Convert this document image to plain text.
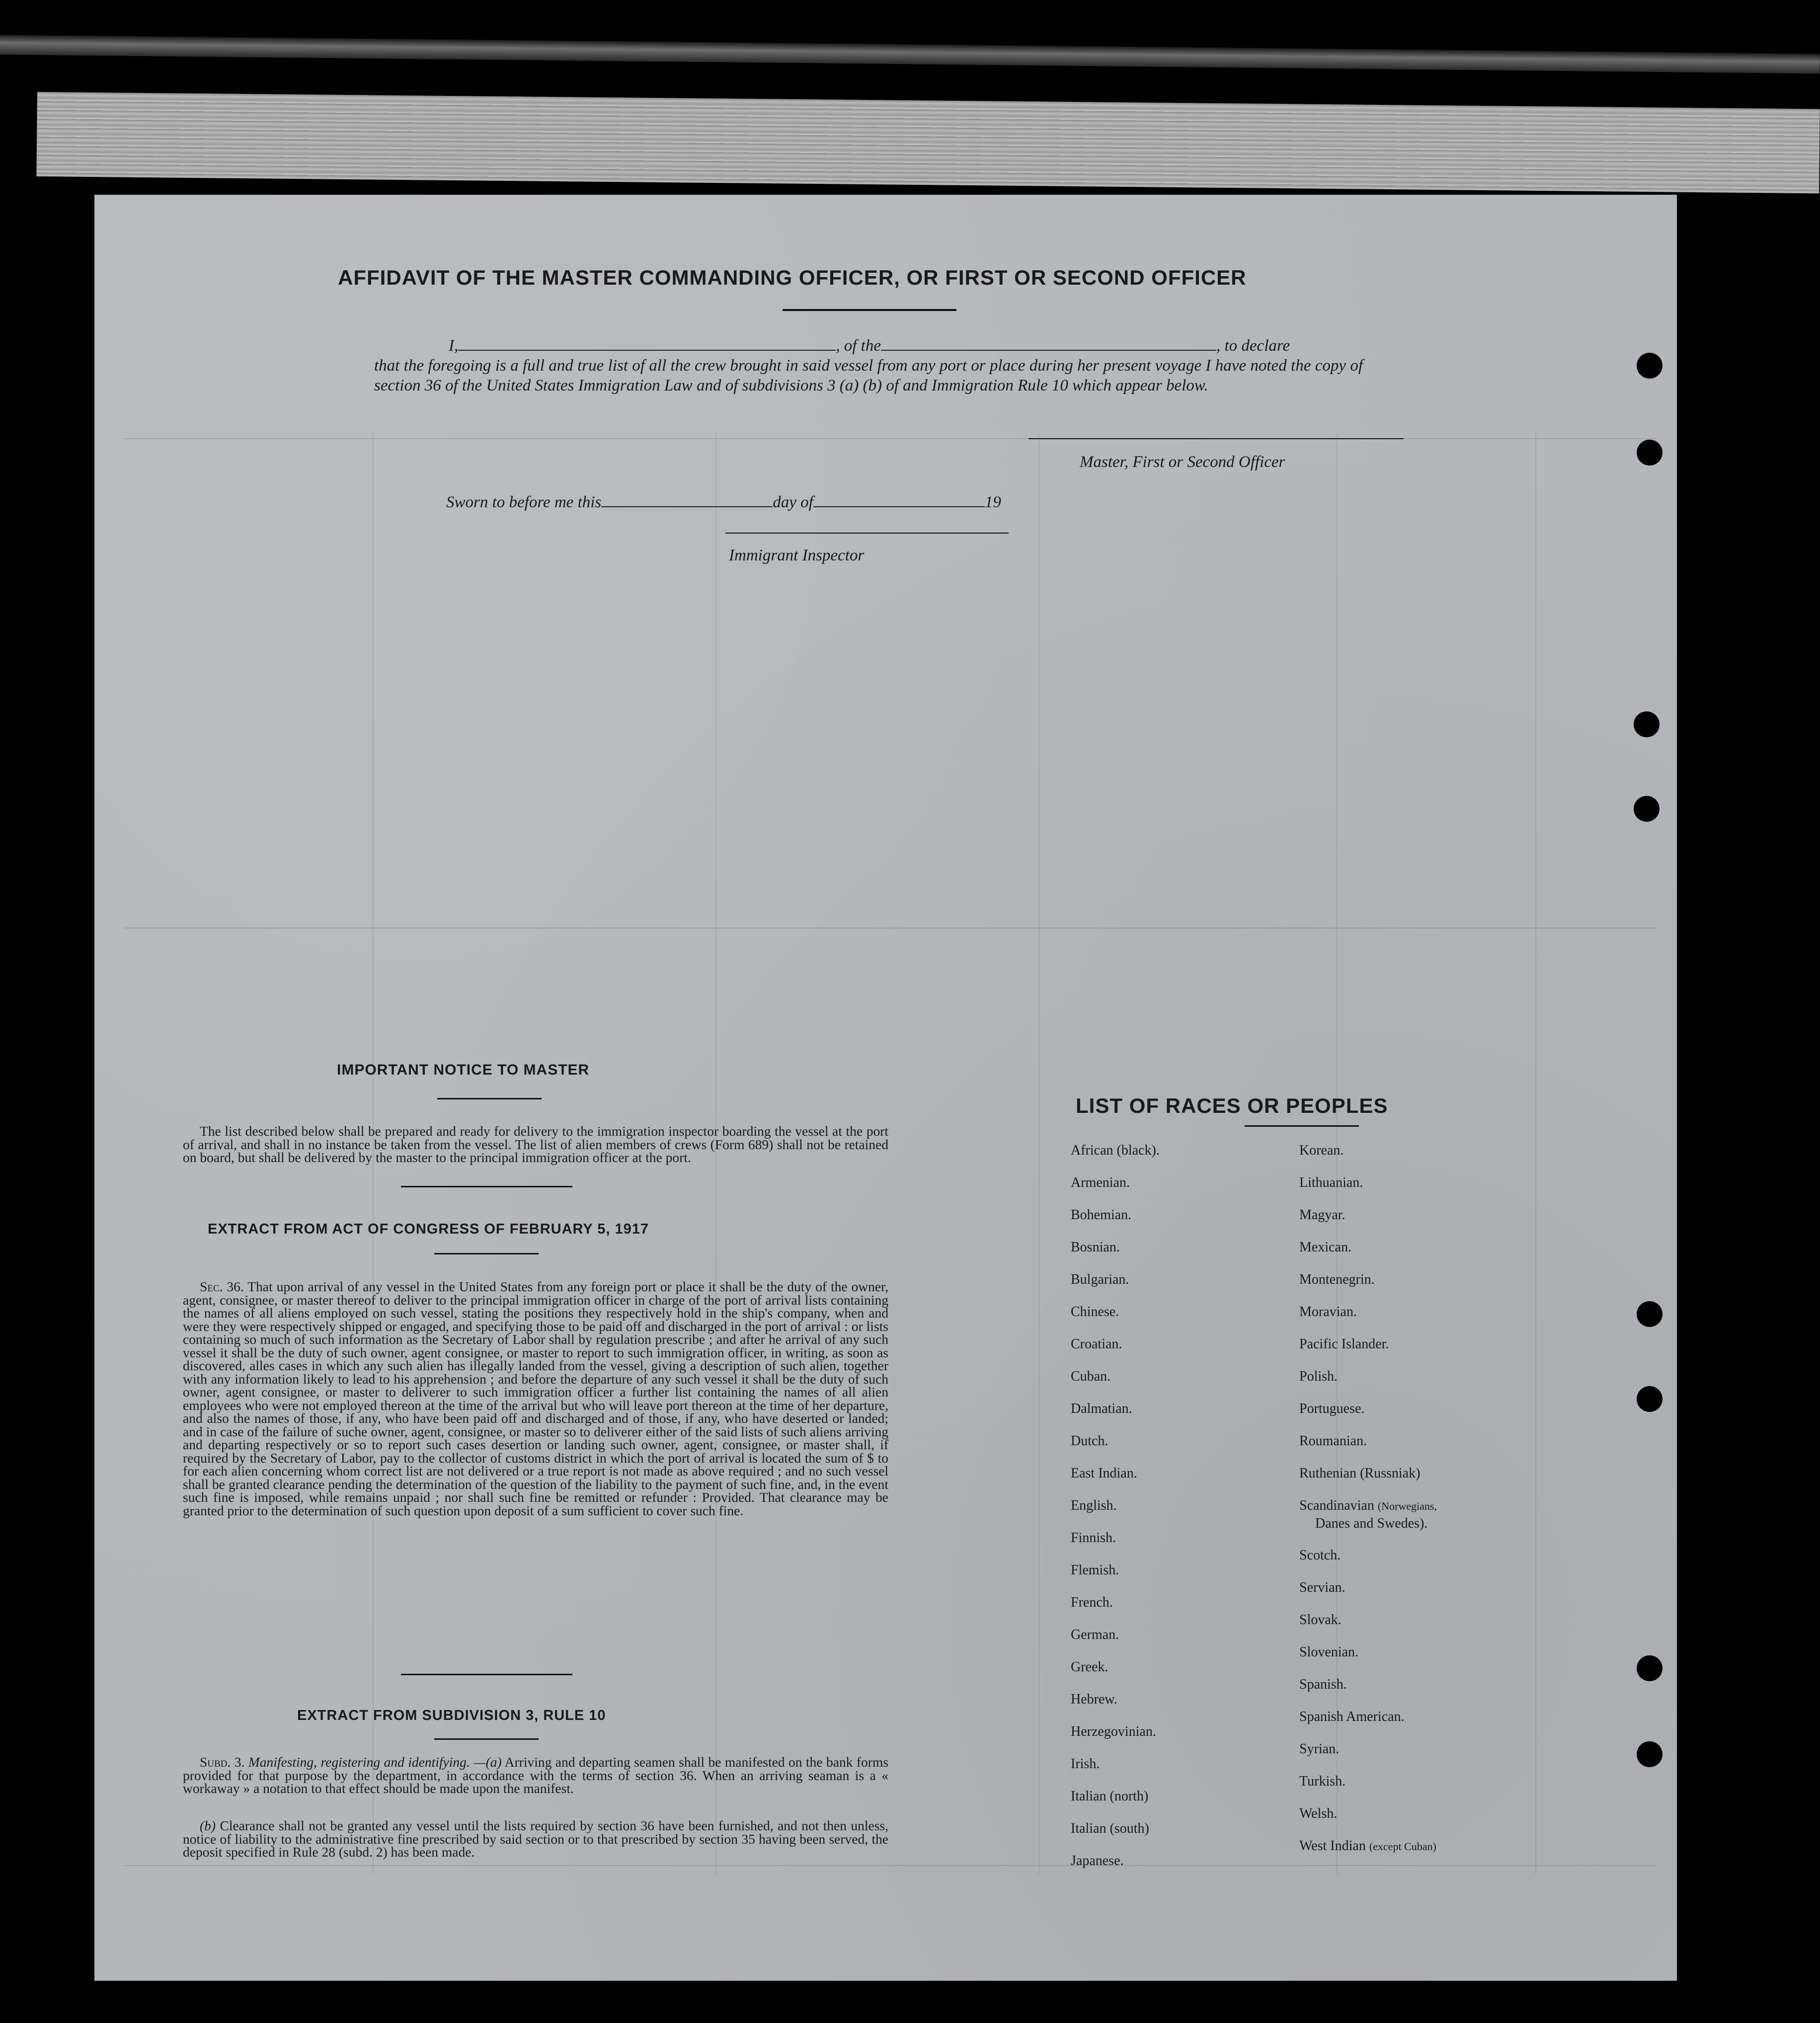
AFFIDAVIT OF THE MASTER COMMANDING OFFICER, OR FIRST OR SECOND OFFICER
I,	, of the	, to declare
that the foregoing is a full and true list of all the crew brought in said vessel from any port or place during her present voyage I have noted the copy of section 36 of the United States Immigration Law and of subdivisions 3 (a) (b) of and Immigration Rule 10 which appear below.
Master, First or Second Officer
Sworn to before me this	day of	19
Immigrant Inspector
IMPORTANT NOTICE TO MASTER
The list described below shall be prepared and ready for delivery to the immigration inspector boarding the vessel at the port of arrival, and shall in no instance be taken from the vessel. The list of alien members of crews (Form 689) shall not be retained on board, but shall be delivered by the master to the principal immigration officer at the port.
EXTRACT FROM ACT OF CONGRESS OF FEBRUARY 5, 1917
Sec. 36. That upon arrival of any vessel in the United States from any foreign port or place it shall be the duty of the owner, agent, consignee, or master thereof to deliver to the principal immigration officer in charge of the port of arrival lists containing the names of all aliens employed on such vessel, stating the positions they respectively hold in the ship's company, when and were they were respectively shipped or engaged, and specifying those to be paid off and discharged in the port of arrival : or lists containing so much of such information as the Secretary of Labor shall by regulation prescribe ; and after he arrival of any such vessel it shall be the duty of such owner, agent consignee, or master to report to such immigration officer, in writing, as soon as discovered, alles cases in which any such alien has illegally landed from the vessel, giving a description of such alien, together with any information likely to lead to his apprehension ; and before the departure of any such vessel it shall be the duty of such owner, agent consignee, or master to deliverer to such immigration officer a further list containing the names of all alien employees who were not employed thereon at the time of the arrival but who will leave port thereon at the time of her departure, and also the names of those, if any, who have been paid off and discharged and of those, if any, who have deserted or landed; and in case of the failure of suche owner, agent, consignee, or master so to deliverer either of the said lists of such aliens arriving and departing respectively or so to report such cases desertion or landing such owner, agent, consignee, or master shall, if required by the Secretary of Labor, pay to the collector of customs district in which the port of arrival is located the sum of $ to for each alien concerning whom correct list are not delivered or a true report is not made as above required ; and no such vessel shall be granted clearance pending the determination of the question of the liability to the payment of such fine, and, in the event such fine is imposed, while remains unpaid ; nor shall such fine be remitted or refunder : Provided. That clearance may be granted prior to the determination of such question upon deposit of a sum sufficient to cover such fine.
EXTRACT FROM SUBDIVISION 3, RULE 10
Subd. 3. Manifesting, registering and identifying. —(a) Arriving and departing seamen shall be manifested on the bank forms provided for that purpose by the department, in accordance with the terms of section 36. When an arriving seaman is a « workaway » a notation to that effect should be made upon the manifest.
(b) Clearance shall not be granted any vessel until the lists required by section 36 have been furnished, and not then unless, notice of liability to the administrative fine prescribed by said section or to that prescribed by section 35 having been served, the deposit specified in Rule 28 (subd. 2) has been made.
LIST OF RACES OR PEOPLES
African (black).
Armenian.
Bohemian.
Bosnian.
Bulgarian.
Chinese.
Croatian.
Cuban.
Dalmatian.
Dutch.
East Indian.
English.
Finnish.
Flemish.
French.
German.
Greek.
Hebrew.
Herzegovinian.
Irish.
Italian (north)
Italian (south)
Japanese.
Korean.
Lithuanian.
Magyar.
Mexican.
Montenegrin.
Moravian.
Pacific Islander.
Polish.
Portuguese.
Roumanian.
Ruthenian (Russniak)
Scandinavian (Norwegians,
Danes and Swedes).
Scotch.
Servian.
Slovak.
Slovenian.
Spanish.
Spanish American.
Syrian.
Turkish.
Welsh.
West Indian (except Cuban)
